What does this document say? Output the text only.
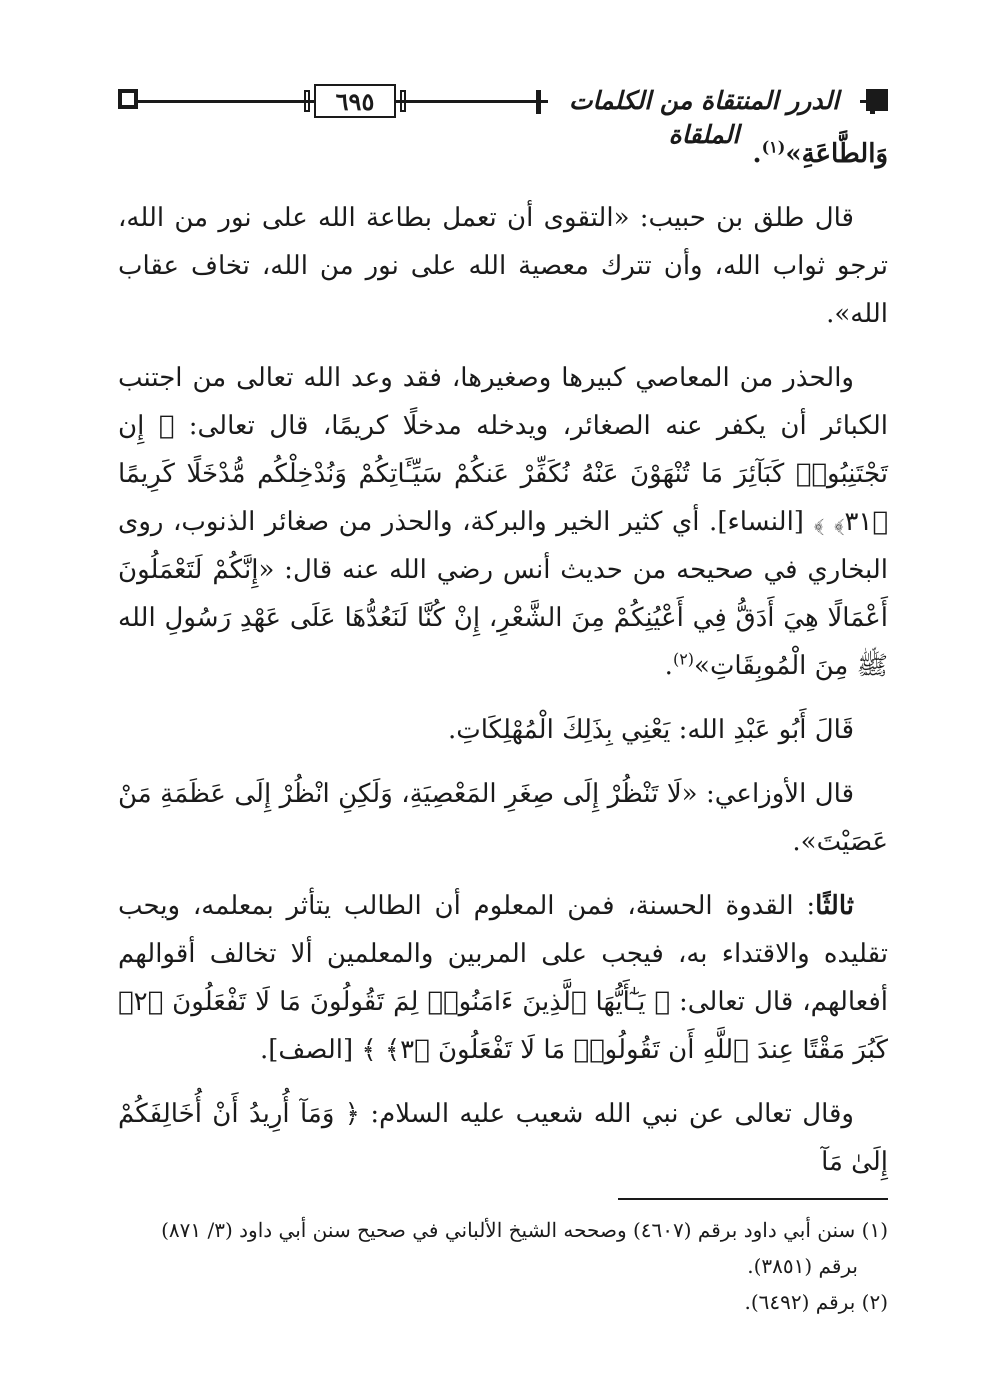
٦٩٥	الدرر المنتقاة من الكلمات الملقاة

وَالطَّاعَةِ»$^{(١)}$.

قال طلق بن حبيب: «التقوى أن تعمل بطاعة الله على نور من الله، ترجو ثواب الله، وأن تترك معصية الله على نور من الله، تخاف عقاب الله».

والحذر من المعاصي كبيرها وصغيرها، فقد وعد الله تعالى من اجتنب الكبائر أن يكفر عنه الصغائر، ويدخله مدخلًا كريمًا، قال تعالى: ﴿ إِن تَجْتَنِبُوا۟ كَبَآئِرَ مَا تُنْهَوْنَ عَنْهُ نُكَفِّرْ عَنكُمْ سَيِّـَٔاتِكُمْ وَنُدْخِلْكُم مُّدْخَلًا كَرِيمًا ﴿٣١﴾ ﴾ [النساء]. أي كثير الخير والبركة، والحذر من صغائر الذنوب، روى البخاري في صحيحه من حديث أنس رضي الله عنه قال: «إِنَّكُمْ لَتَعْمَلُونَ أَعْمَالًا هِيَ أَدَقُّ فِي أَعْيُنِكُمْ مِنَ الشَّعْرِ، إِنْ كُنَّا لَنَعُدُّهَا عَلَى عَهْدِ رَسُولِ الله ﷺ مِنَ الْمُوبِقَاتِ»$^{(٢)}$.

قَالَ أَبُو عَبْدِ الله: يَعْنِي بِذَلِكَ الْمُهْلِكَاتِ.

قال الأوزاعي: «لَا تَنْظُرْ إِلَى صِغَرِ المَعْصِيَةِ، وَلَكِنِ انْظُرْ إِلَى عَظَمَةِ مَنْ عَصَيْتَ».

ثالثًا: القدوة الحسنة، فمن المعلوم أن الطالب يتأثر بمعلمه، ويحب تقليده والاقتداء به، فيجب على المربين والمعلمين ألا تخالف أقوالهم أفعالهم، قال تعالى: ﴿ يَـٰٓأَيُّهَا ٱلَّذِينَ ءَامَنُوا۟ لِمَ تَقُولُونَ مَا لَا تَفْعَلُونَ ﴿٢﴾ كَبُرَ مَقْتًا عِندَ ٱللَّهِ أَن تَقُولُوا۟ مَا لَا تَفْعَلُونَ ﴿٣﴾ ﴾ [الصف].

وقال تعالى عن نبي الله شعيب عليه السلام: ﴿ وَمَآ أُرِيدُ أَنْ أُخَالِفَكُمْ إِلَىٰ مَآ

(١) سنن أبي داود برقم (٤٦٠٧) وصححه الشيخ الألباني في صحيح سنن أبي داود (٣/ ٨٧١)

برقم (٣٨٥١).

(٢) برقم (٦٤٩٢).
